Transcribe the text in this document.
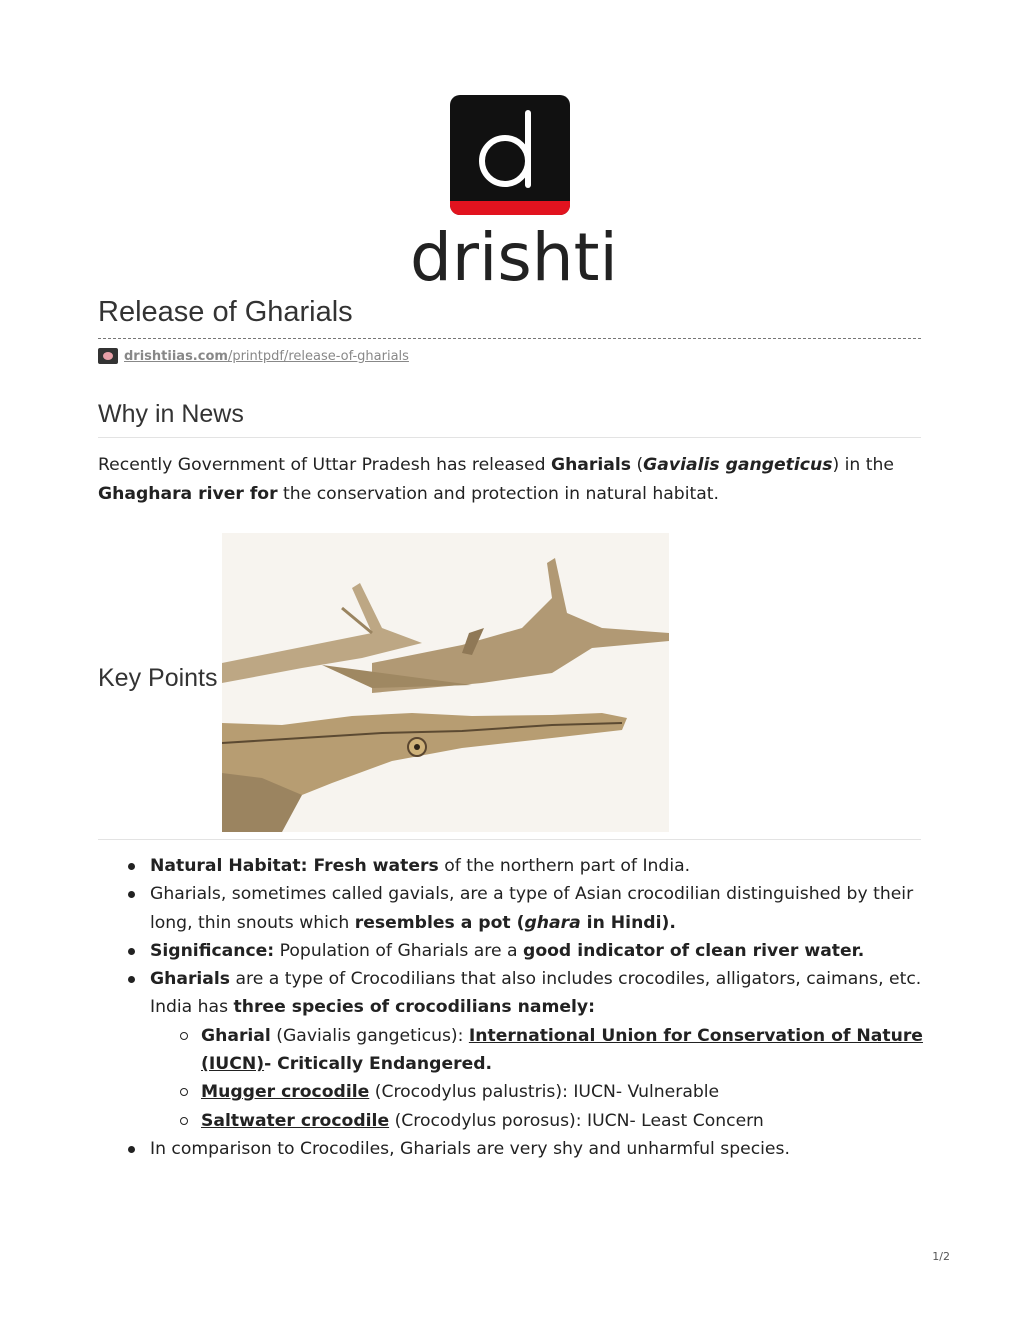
drishti
Release of Gharials
drishtiias.com/printpdf/release-of-gharials
Why in News

Recently Government of Uttar Pradesh has released Gharials (Gavialis gangeticus) in the Ghaghara river for the conservation and protection in natural habitat.

Key Points
Natural Habitat: Fresh waters of the northern part of India.
Gharials, sometimes called gavials, are a type of Asian crocodilian distinguished by their long, thin snouts which resembles a pot (ghara in Hindi).
Significance: Population of Gharials are a good indicator of clean river water.
Gharials are a type of Crocodilians that also includes crocodiles, alligators, caimans, etc. India has three species of crocodilians namely:
Gharial (Gavialis gangeticus): International Union for Conservation of Nature (IUCN)- Critically Endangered.
Mugger crocodile (Crocodylus palustris): IUCN- Vulnerable
Saltwater crocodile (Crocodylus porosus): IUCN- Least Concern
In comparison to Crocodiles, Gharials are very shy and unharmful species.
1/2
